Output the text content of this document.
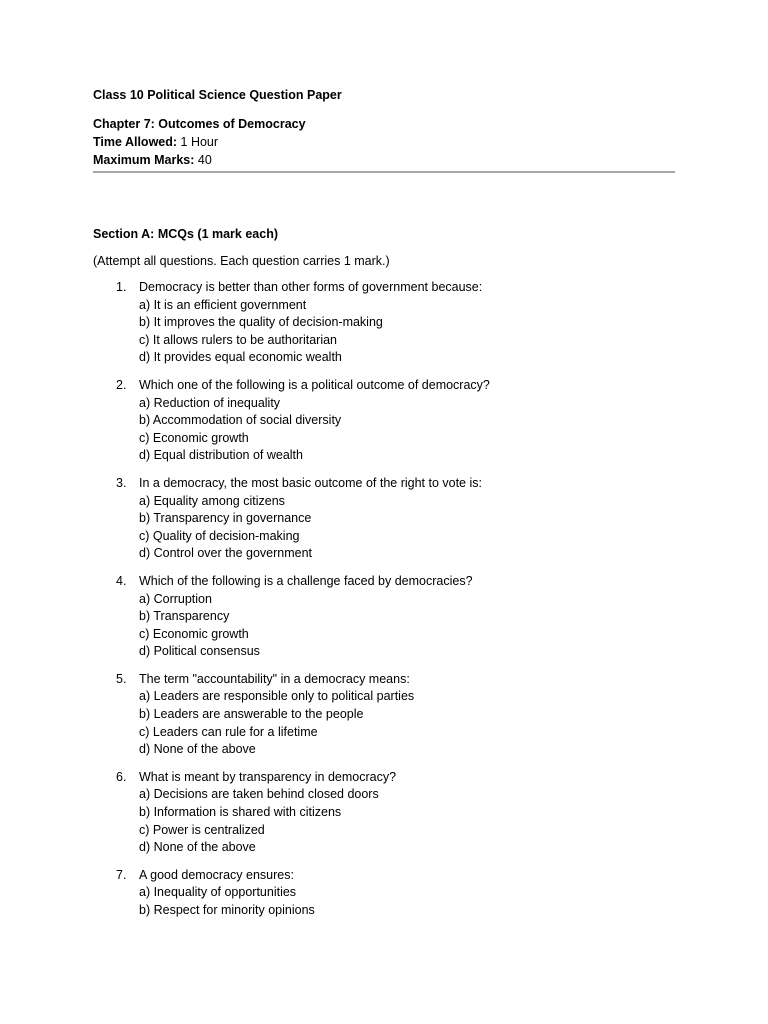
Class 10 Political Science Question Paper
Chapter 7: Outcomes of Democracy
Time Allowed: 1 Hour
Maximum Marks: 40
Section A: MCQs (1 mark each)
(Attempt all questions. Each question carries 1 mark.)
1. Democracy is better than other forms of government because:
a) It is an efficient government
b) It improves the quality of decision-making
c) It allows rulers to be authoritarian
d) It provides equal economic wealth
2. Which one of the following is a political outcome of democracy?
a) Reduction of inequality
b) Accommodation of social diversity
c) Economic growth
d) Equal distribution of wealth
3. In a democracy, the most basic outcome of the right to vote is:
a) Equality among citizens
b) Transparency in governance
c) Quality of decision-making
d) Control over the government
4. Which of the following is a challenge faced by democracies?
a) Corruption
b) Transparency
c) Economic growth
d) Political consensus
5. The term "accountability" in a democracy means:
a) Leaders are responsible only to political parties
b) Leaders are answerable to the people
c) Leaders can rule for a lifetime
d) None of the above
6. What is meant by transparency in democracy?
a) Decisions are taken behind closed doors
b) Information is shared with citizens
c) Power is centralized
d) None of the above
7. A good democracy ensures:
a) Inequality of opportunities
b) Respect for minority opinions
